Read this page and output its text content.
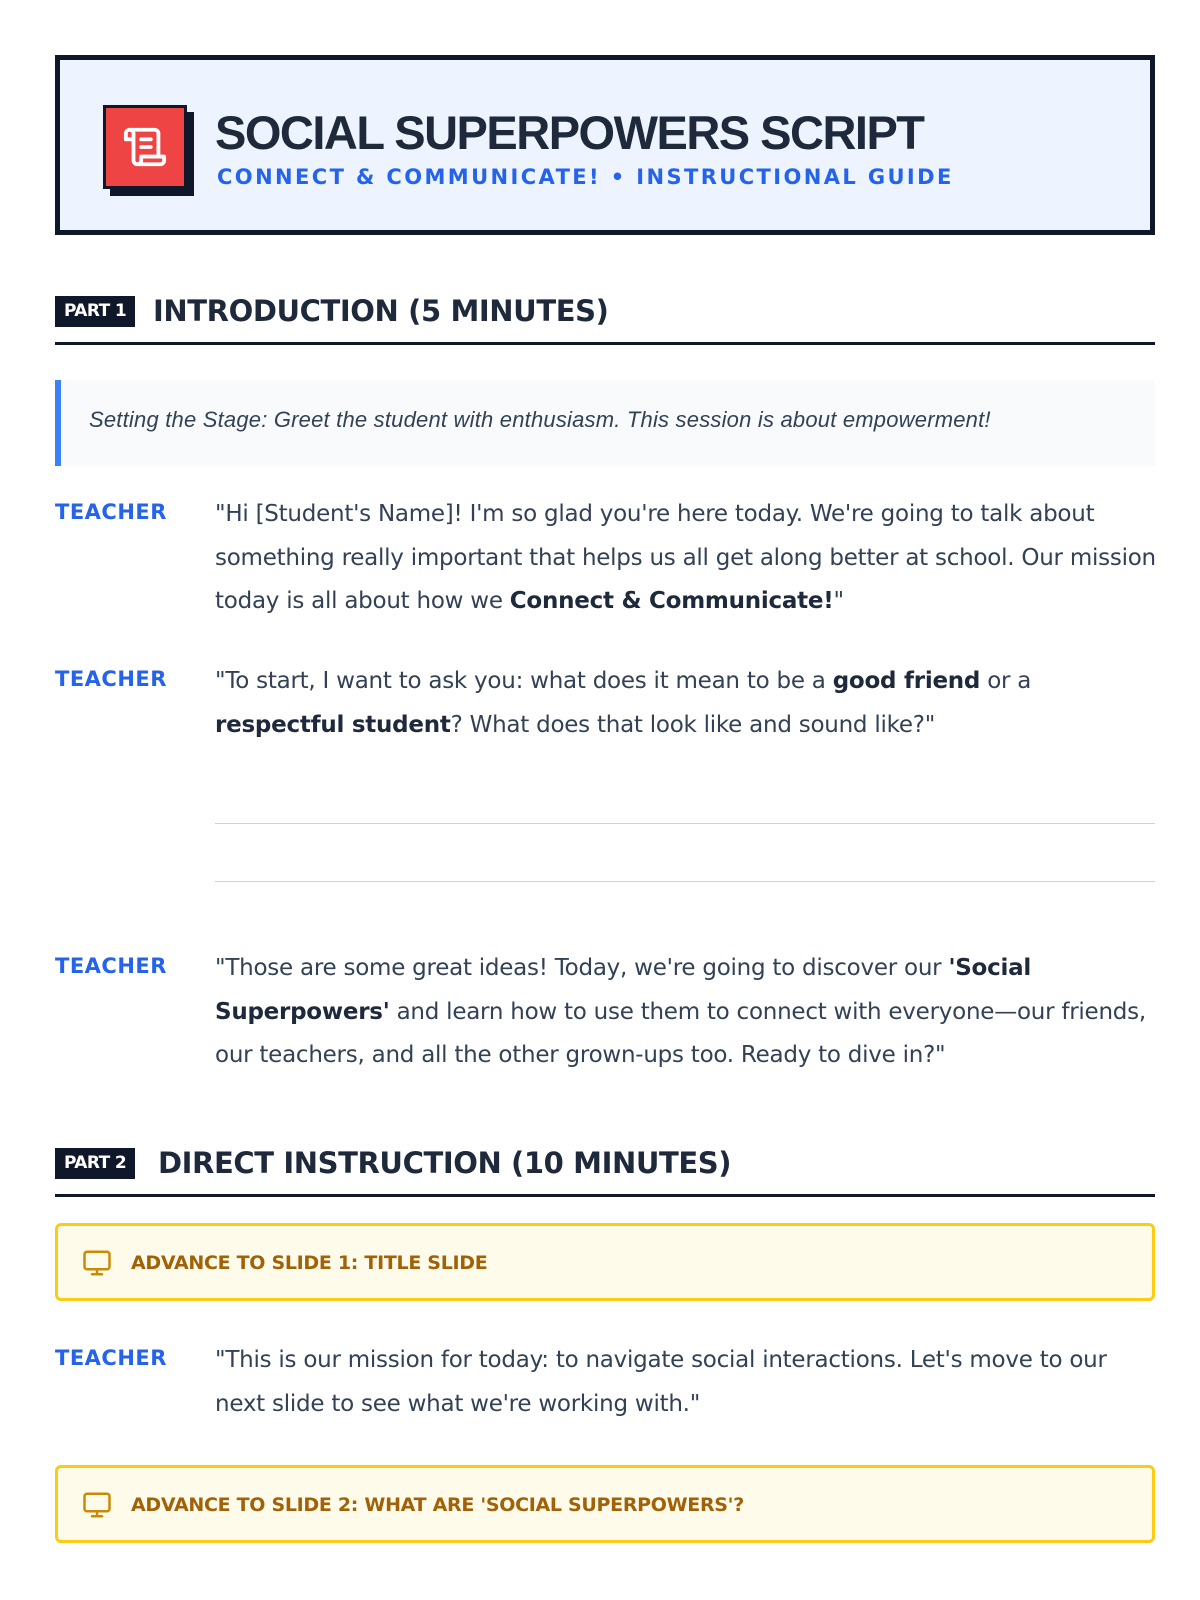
SOCIAL SUPERPOWERS SCRIPT
CONNECT & COMMUNICATE! • INSTRUCTIONAL GUIDE
PART 1 INTRODUCTION (5 MINUTES)
Setting the Stage: Greet the student with enthusiasm. This session is about empowerment!
TEACHER "Hi [Student's Name]! I'm so glad you're here today. We're going to talk about something really important that helps us all get along better at school. Our mission today is all about how we Connect & Communicate!"
TEACHER "To start, I want to ask you: what does it mean to be a good friend or a respectful student? What does that look like and sound like?"
TEACHER "Those are some great ideas! Today, we're going to discover our 'Social Superpowers' and learn how to use them to connect with everyone—our friends, our teachers, and all the other grown-ups too. Ready to dive in?"
PART 2	DIRECT INSTRUCTION (10 MINUTES)
ADVANCE TO SLIDE 1: TITLE SLIDE
TEACHER "This is our mission for today: to navigate social interactions. Let's move to our next slide to see what we're working with."
ADVANCE TO SLIDE 2: WHAT ARE 'SOCIAL SUPERPOWERS'?
